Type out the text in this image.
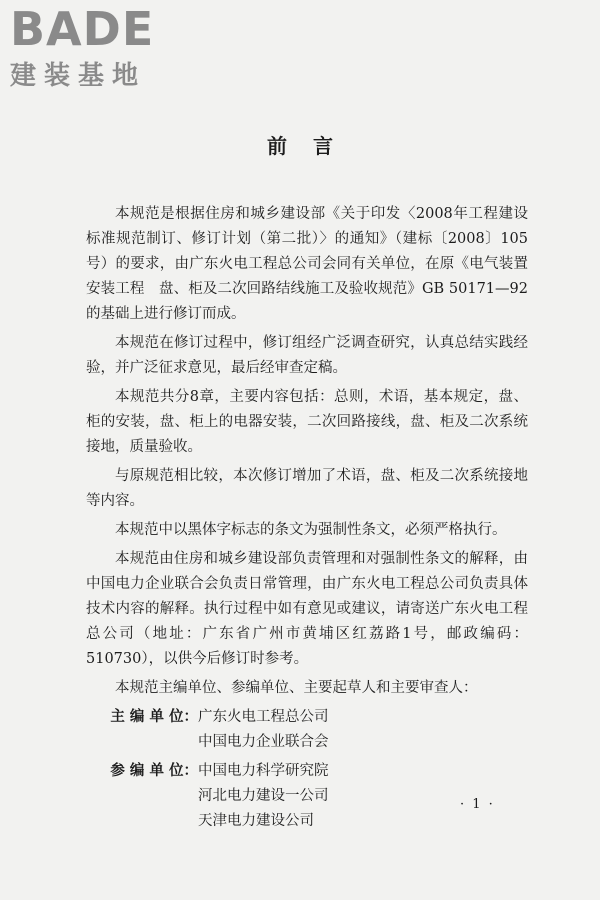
BADE
建装基地
前言

本规范是根据住房和城乡建设部《关于印发〈2008年工程建设标准规范制订、修订计划（第二批）〉的通知》（建标〔2008〕105号）的要求，由广东火电工程总公司会同有关单位，在原《电气装置安装工程　盘、柜及二次回路结线施工及验收规范》GB 50171—92的基础上进行修订而成。

本规范在修订过程中，修订组经广泛调查研究，认真总结实践经验，并广泛征求意见，最后经审查定稿。

本规范共分8章，主要内容包括：总则，术语，基本规定，盘、柜的安装，盘、柜上的电器安装，二次回路接线，盘、柜及二次系统接地，质量验收。

与原规范相比较，本次修订增加了术语，盘、柜及二次系统接地等内容。

本规范中以黑体字标志的条文为强制性条文，必须严格执行。

本规范由住房和城乡建设部负责管理和对强制性条文的解释，由中国电力企业联合会负责日常管理，由广东火电工程总公司负责具体技术内容的解释。执行过程中如有意见或建议，请寄送广东火电工程总公司（地址：广东省广州市黄埔区红荔路1号，邮政编码：510730），以供今后修订时参考。

本规范主编单位、参编单位、主要起草人和主要审查人：

主 编 单 位： 广东火电工程总公司
中国电力企业联合会
参 编 单 位： 中国电力科学研究院
河北电力建设一公司
天津电力建设公司
· 1 ·
